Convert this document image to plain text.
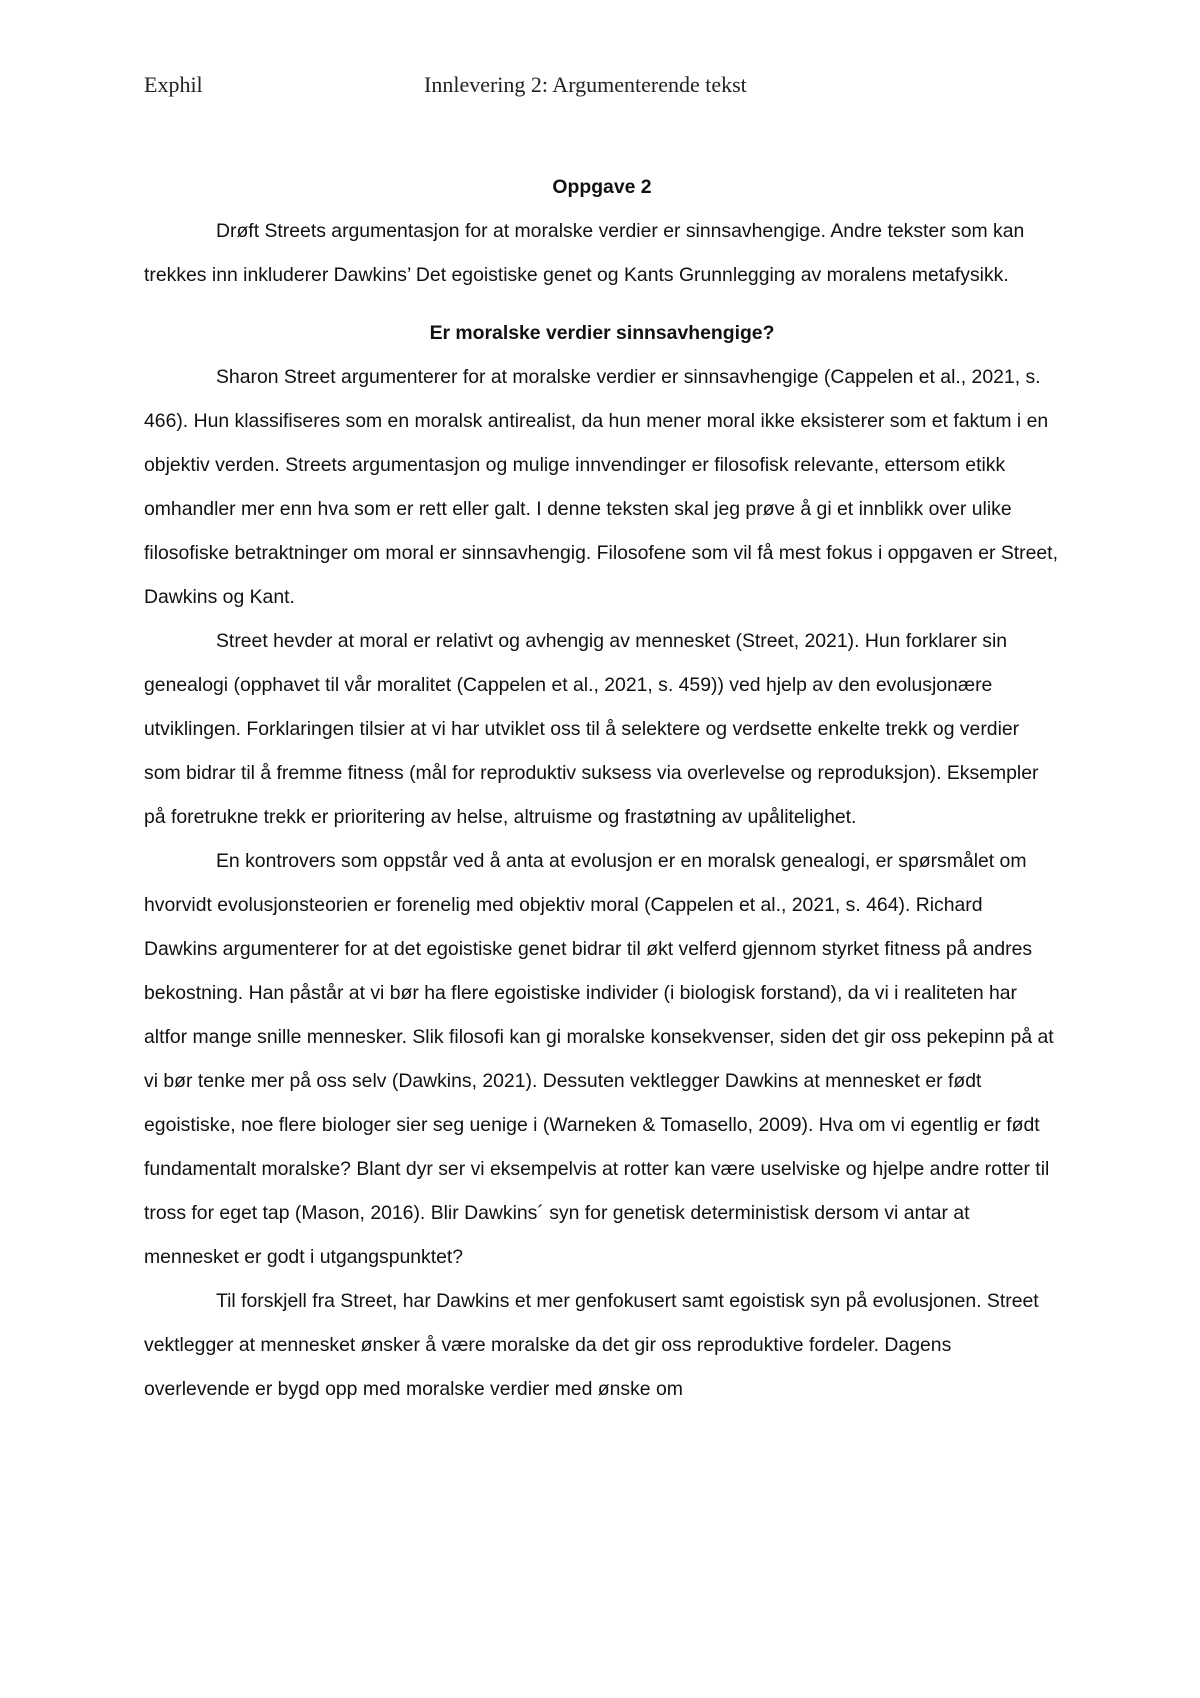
Exphil	Innlevering 2: Argumenterende tekst

Oppgave 2

Drøft Streets argumentasjon for at moralske verdier er sinnsavhengige. Andre tekster som kan trekkes inn inkluderer Dawkins’ Det egoistiske genet og Kants Grunnlegging av moralens metafysikk.

Er moralske verdier sinnsavhengige?

Sharon Street argumenterer for at moralske verdier er sinnsavhengige (Cappelen et al., 2021, s. 466). Hun klassifiseres som en moralsk antirealist, da hun mener moral ikke eksisterer som et faktum i en objektiv verden. Streets argumentasjon og mulige innvendinger er filosofisk relevante, ettersom etikk omhandler mer enn hva som er rett eller galt. I denne teksten skal jeg prøve å gi et innblikk over ulike filosofiske betraktninger om moral er sinnsavhengig. Filosofene som vil få mest fokus i oppgaven er Street, Dawkins og Kant.

Street hevder at moral er relativt og avhengig av mennesket (Street, 2021). Hun forklarer sin genealogi (opphavet til vår moralitet (Cappelen et al., 2021, s. 459)) ved hjelp av den evolusjonære utviklingen. Forklaringen tilsier at vi har utviklet oss til å selektere og verdsette enkelte trekk og verdier som bidrar til å fremme fitness (mål for reproduktiv suksess via overlevelse og reproduksjon). Eksempler på foretrukne trekk er prioritering av helse, altruisme og frastøtning av upålitelighet.

En kontrovers som oppstår ved å anta at evolusjon er en moralsk genealogi, er spørsmålet om hvorvidt evolusjonsteorien er forenelig med objektiv moral (Cappelen et al., 2021, s. 464). Richard Dawkins argumenterer for at det egoistiske genet bidrar til økt velferd gjennom styrket fitness på andres bekostning. Han påstår at vi bør ha flere egoistiske individer (i biologisk forstand), da vi i realiteten har altfor mange snille mennesker. Slik filosofi kan gi moralske konsekvenser, siden det gir oss pekepinn på at vi bør tenke mer på oss selv (Dawkins, 2021). Dessuten vektlegger Dawkins at mennesket er født egoistiske, noe flere biologer sier seg uenige i (Warneken & Tomasello, 2009). Hva om vi egentlig er født fundamentalt moralske? Blant dyr ser vi eksempelvis at rotter kan være uselviske og hjelpe andre rotter til tross for eget tap (Mason, 2016). Blir Dawkins´ syn for genetisk deterministisk dersom vi antar at mennesket er godt i utgangspunktet?

Til forskjell fra Street, har Dawkins et mer genfokusert samt egoistisk syn på evolusjonen. Street vektlegger at mennesket ønsker å være moralske da det gir oss reproduktive fordeler. Dagens overlevende er bygd opp med moralske verdier med ønske om
